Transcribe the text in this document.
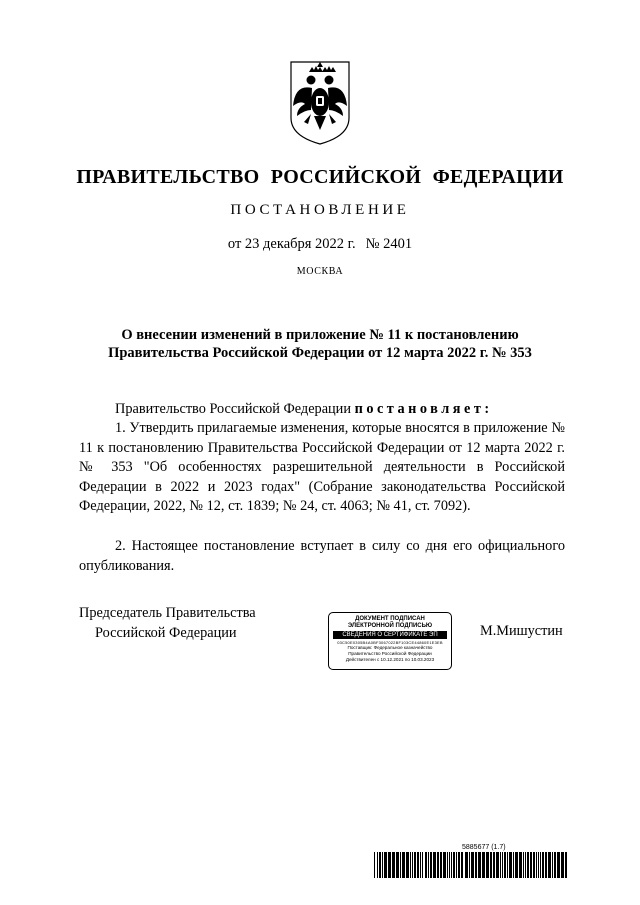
ПРАВИТЕЛЬСТВО РОССИЙСКОЙ ФЕДЕРАЦИИ
ПОСТАНОВЛЕНИЕ
от 23 декабря 2022 г. № 2401
МОСКВА
О внесении изменений в приложение № 11 к постановлению
Правительства Российской Федерации от 12 марта 2022 г. № 353
Правительство Российской Федерации постановляет:
1. Утвердить прилагаемые изменения, которые вносятся в приложение № 11 к постановлению Правительства Российской Федерации от 12 марта 2022 г. № 353 "Об особенностях разрешительной деятельности в Российской Федерации в 2022 и 2023 годах" (Собрание законодательства Российской Федерации, 2022, № 12, ст. 1839; № 24, ст. 4063; № 41, ст. 7092).
2. Настоящее постановление вступает в силу со дня его официального опубликования.
Председатель Правительства
Российской Федерации
ДОКУМЕНТ ПОДПИСАН
ЭЛЕКТРОННОЙ ПОДПИСЬЮ
СВЕДЕНИЯ О СЕРТИФИКАТЕ ЭП
03C50E0305B4A0BF3067022BF103CE44860E1E3EB
Поставщик: Федеральное казначейство
Правительство Российской Федерации
Действителен с 10.12.2021 по 10.03.2023
М.Мишустин
5885677 (1.7)
